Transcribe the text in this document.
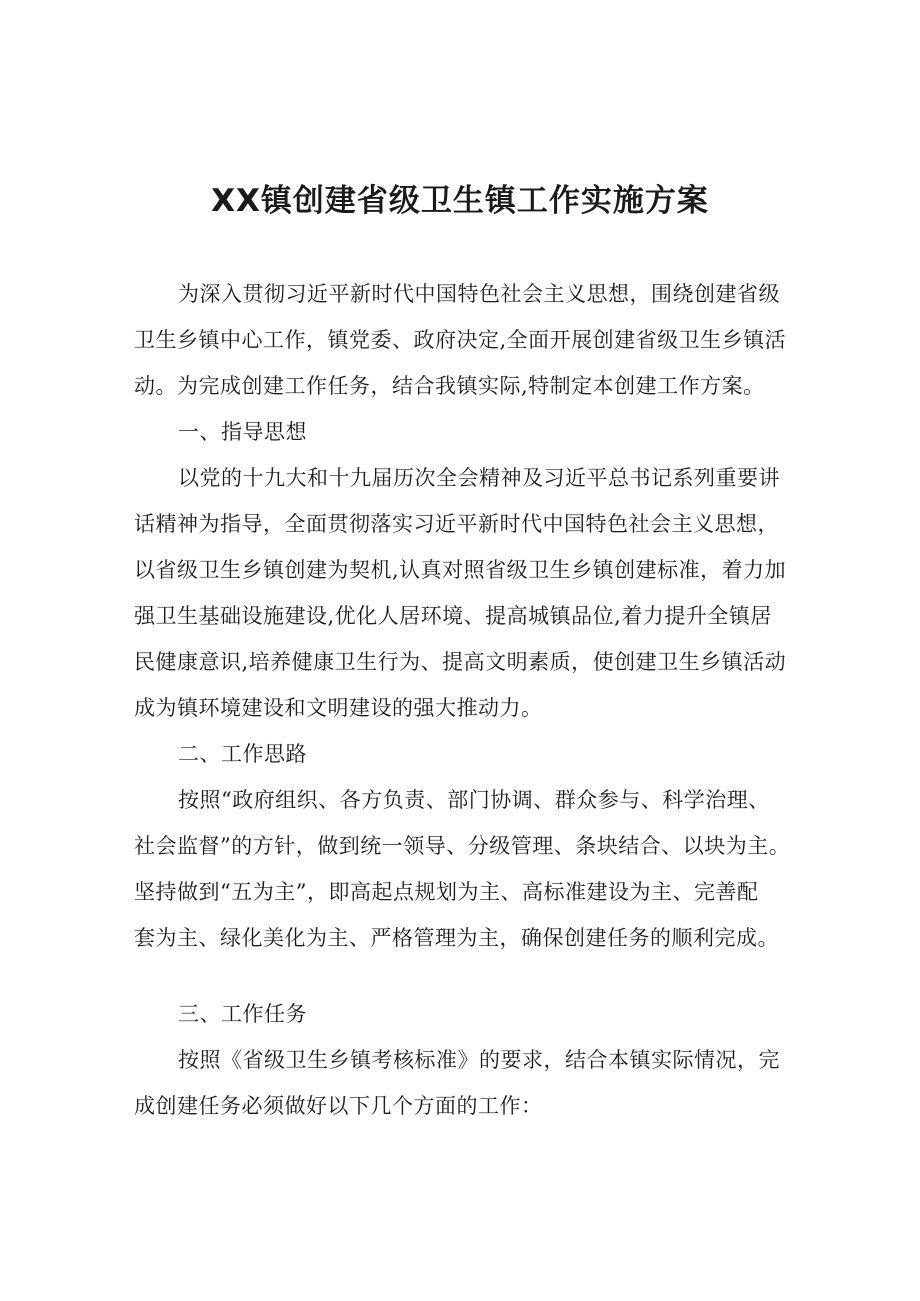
XX镇创建省级卫生镇工作实施方案
为深入贯彻习近平新时代中国特色社会主义思想，围绕创建省级
卫生乡镇中心工作，镇党委、政府决定,全面开展创建省级卫生乡镇活
动。为完成创建工作任务，结合我镇实际,特制定本创建工作方案。
一、指导思想
以党的十九大和十九届历次全会精神及习近平总书记系列重要讲
话精神为指导，全面贯彻落实习近平新时代中国特色社会主义思想，
以省级卫生乡镇创建为契机,认真对照省级卫生乡镇创建标准，着力加
强卫生基础设施建设,优化人居环境、提高城镇品位,着力提升全镇居
民健康意识,培养健康卫生行为、提高文明素质，使创建卫生乡镇活动
成为镇环境建设和文明建设的强大推动力。
二、工作思路
按照“政府组织、各方负责、部门协调、群众参与、科学治理、
社会监督”的方针，做到统一领导、分级管理、条块结合、以块为主。
坚持做到“五为主”，即高起点规划为主、高标准建设为主、完善配
套为主、绿化美化为主、严格管理为主，确保创建任务的顺利完成。
三、工作任务
按照《省级卫生乡镇考核标准》的要求，结合本镇实际情况，完
成创建任务必须做好以下几个方面的工作：
